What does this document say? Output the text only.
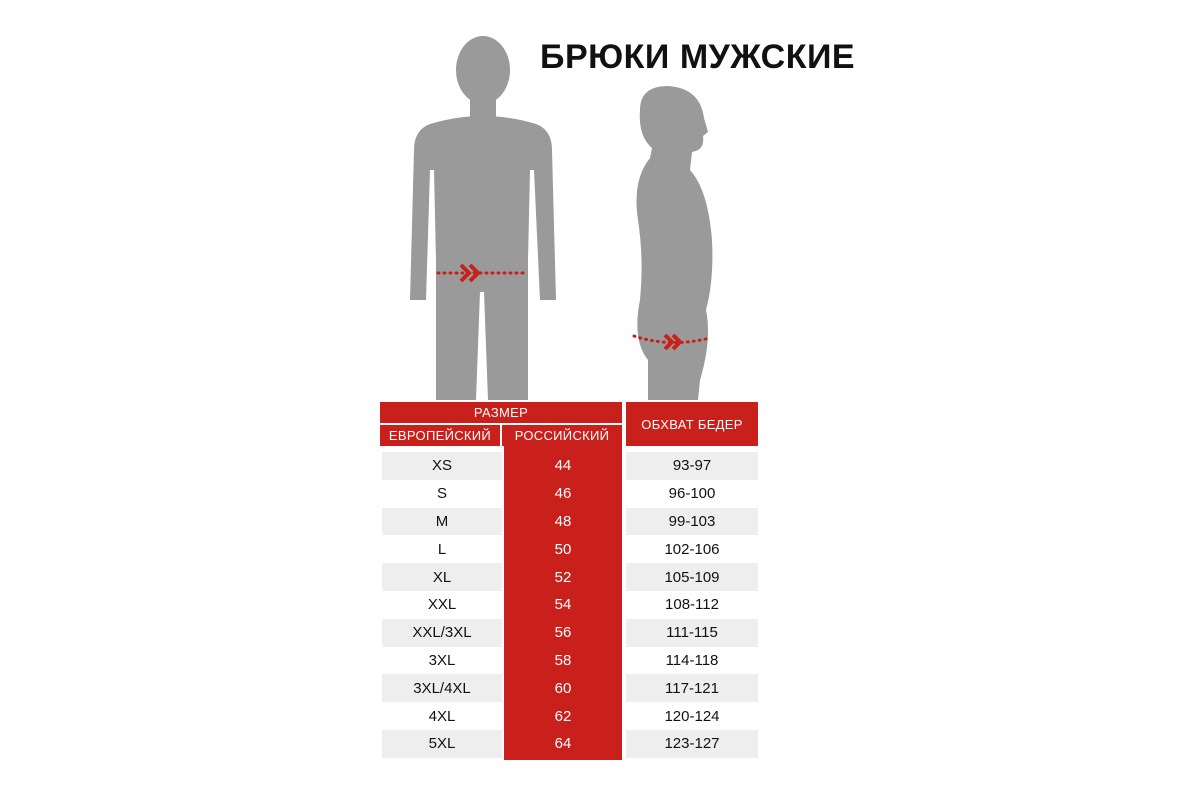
БРЮКИ МУЖСКИЕ
РАЗМЕР
ЕВРОПЕЙСКИЙ	РОССИЙСКИЙ
ОБХВАТ БЕДЕР
XS	44	93-97
S	46	96-100
M	48	99-103
L	50	102-106
XL	52	105-109
XXL	54	108-112
XXL/3XL	56	111-115
3XL	58	114-118
3XL/4XL	60	117-121
4XL	62	120-124
5XL	64	123-127
